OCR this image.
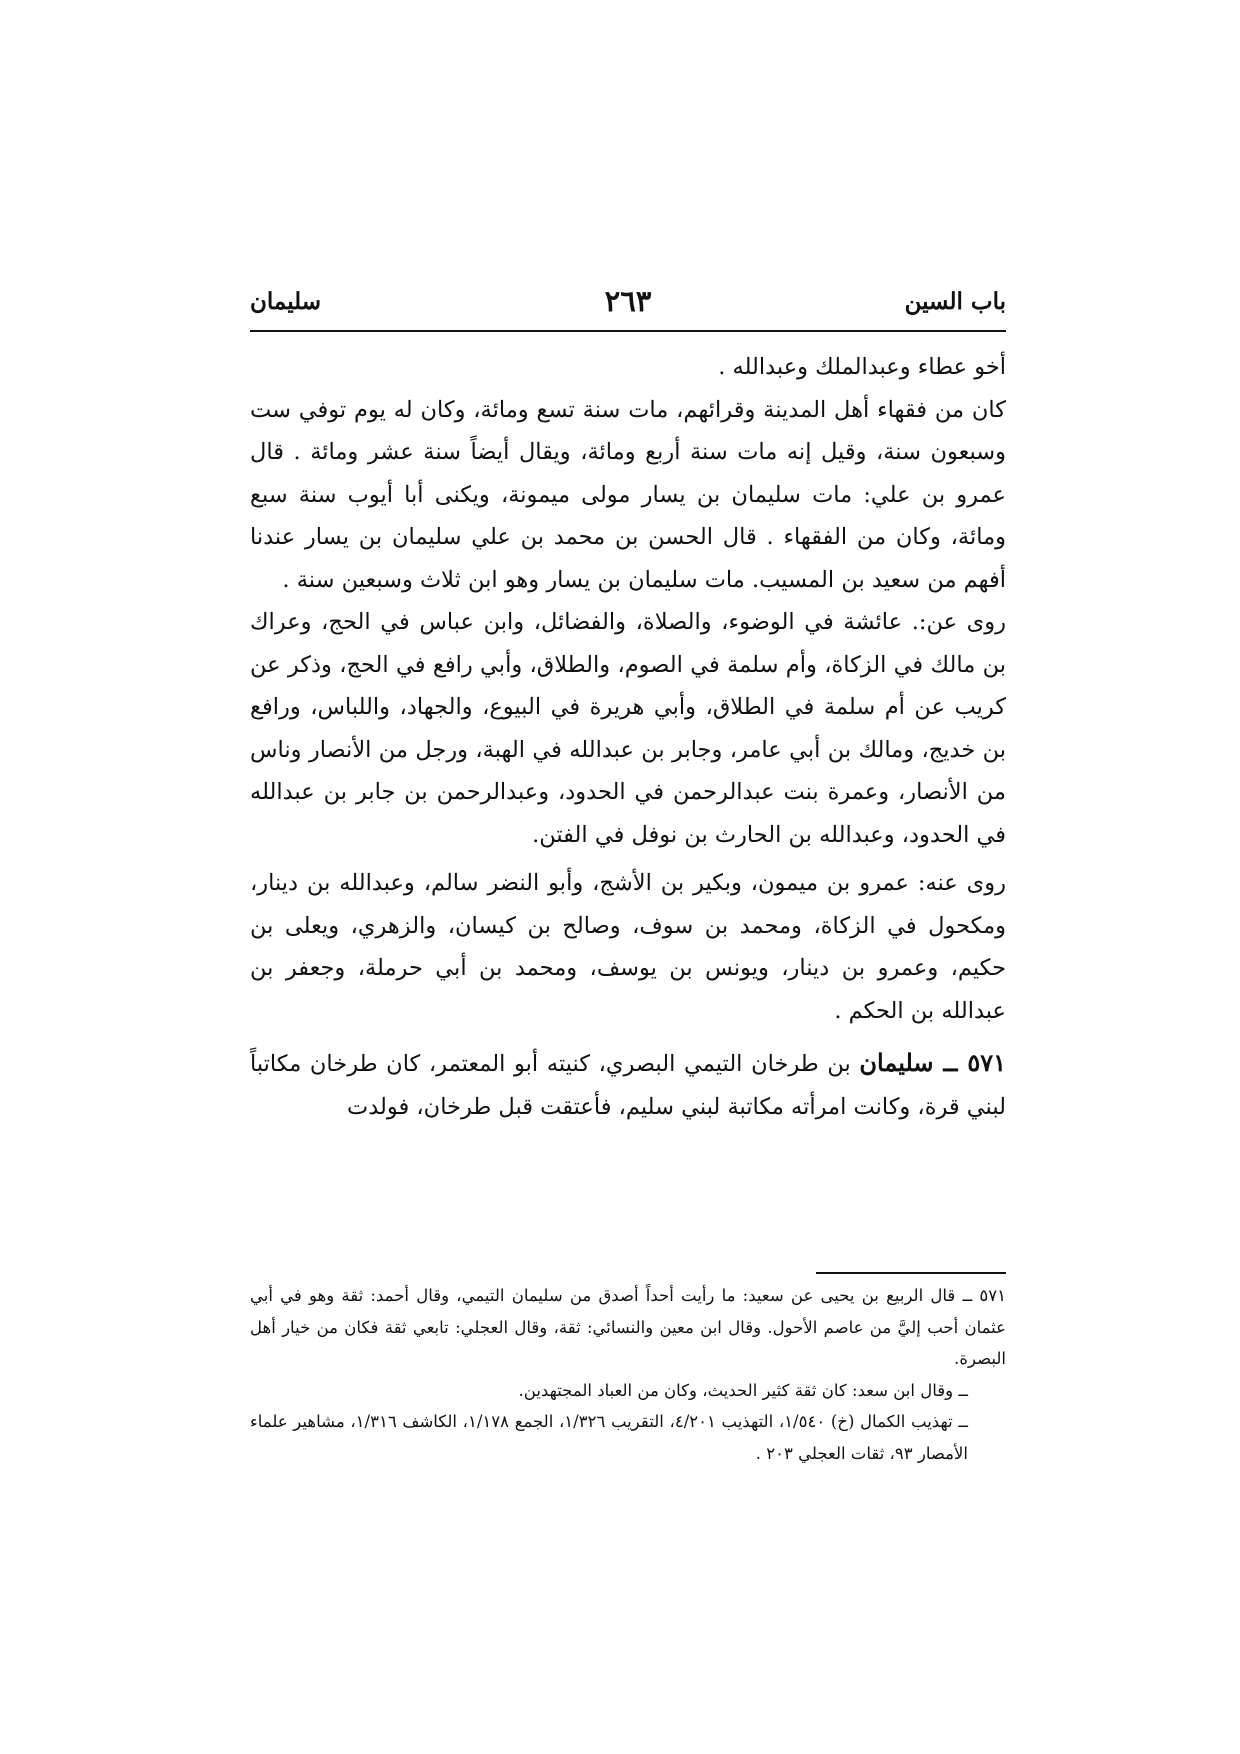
باب السين
٢٦٣
سليمان

أخو عطاء وعبدالملك وعبدالله .

كان من فقهاء أهل المدينة وقرائهم، مات سنة تسع ومائة، وكان له يوم توفي ست وسبعون سنة، وقيل إنه مات سنة أربع ومائة، ويقال أيضاً سنة عشر ومائة . قال عمرو بن علي: مات سليمان بن يسار مولى ميمونة، ويكنى أبا أيوب سنة سبع ومائة، وكان من الفقهاء . قال الحسن بن محمد بن علي سليمان بن يسار عندنا أفهم من سعيد بن المسيب. مات سليمان بن يسار وهو ابن ثلاث وسبعين سنة .

روى عن:. عائشة في الوضوء، والصلاة، والفضائل، وابن عباس في الحج، وعراك بن مالك في الزكاة، وأم سلمة في الصوم، والطلاق، وأبي رافع في الحج، وذكر عن كريب عن أم سلمة في الطلاق، وأبي هريرة في البيوع، والجهاد، واللباس، ورافع بن خديج، ومالك بن أبي عامر، وجابر بن عبدالله في الهبة، ورجل من الأنصار وناس من الأنصار، وعمرة بنت عبدالرحمن في الحدود، وعبدالرحمن بن جابر بن عبدالله في الحدود، وعبدالله بن الحارث بن نوفل في الفتن.

روى عنه: عمرو بن ميمون، وبكير بن الأشج، وأبو النضر سالم، وعبدالله بن دينار، ومكحول في الزكاة، ومحمد بن سوف، وصالح بن كيسان، والزهري، ويعلى بن حكيم، وعمرو بن دينار، ويونس بن يوسف، ومحمد بن أبي حرملة، وجعفر بن عبدالله بن الحكم .

٥٧١ ــ سليمان بن طرخان التيمي البصري، كنيته أبو المعتمر، كان طرخان مكاتباً لبني قرة، وكانت امرأته مكاتبة لبني سليم، فأعتقت قبل طرخان، فولدت

٥٧١ ــ قال الربيع بن يحيى عن سعيد: ما رأيت أحداً أصدق من سليمان التيمي، وقال أحمد: ثقة وهو في أبي عثمان أحب إليَّ من عاصم الأحول. وقال ابن معين والنسائي: ثقة، وقال العجلي: تابعي ثقة فكان من خيار أهل البصرة.

ــ وقال ابن سعد: كان ثقة كثير الحديث، وكان من العباد المجتهدين.

ــ تهذيب الكمال (خ) ١/٥٤٠، التهذيب ٤/٢٠١، التقريب ١/٣٢٦، الجمع ١/١٧٨، الكاشف ١/٣١٦، مشاهير علماء الأمصار ٩٣، ثقات العجلي ٢٠٣ .
